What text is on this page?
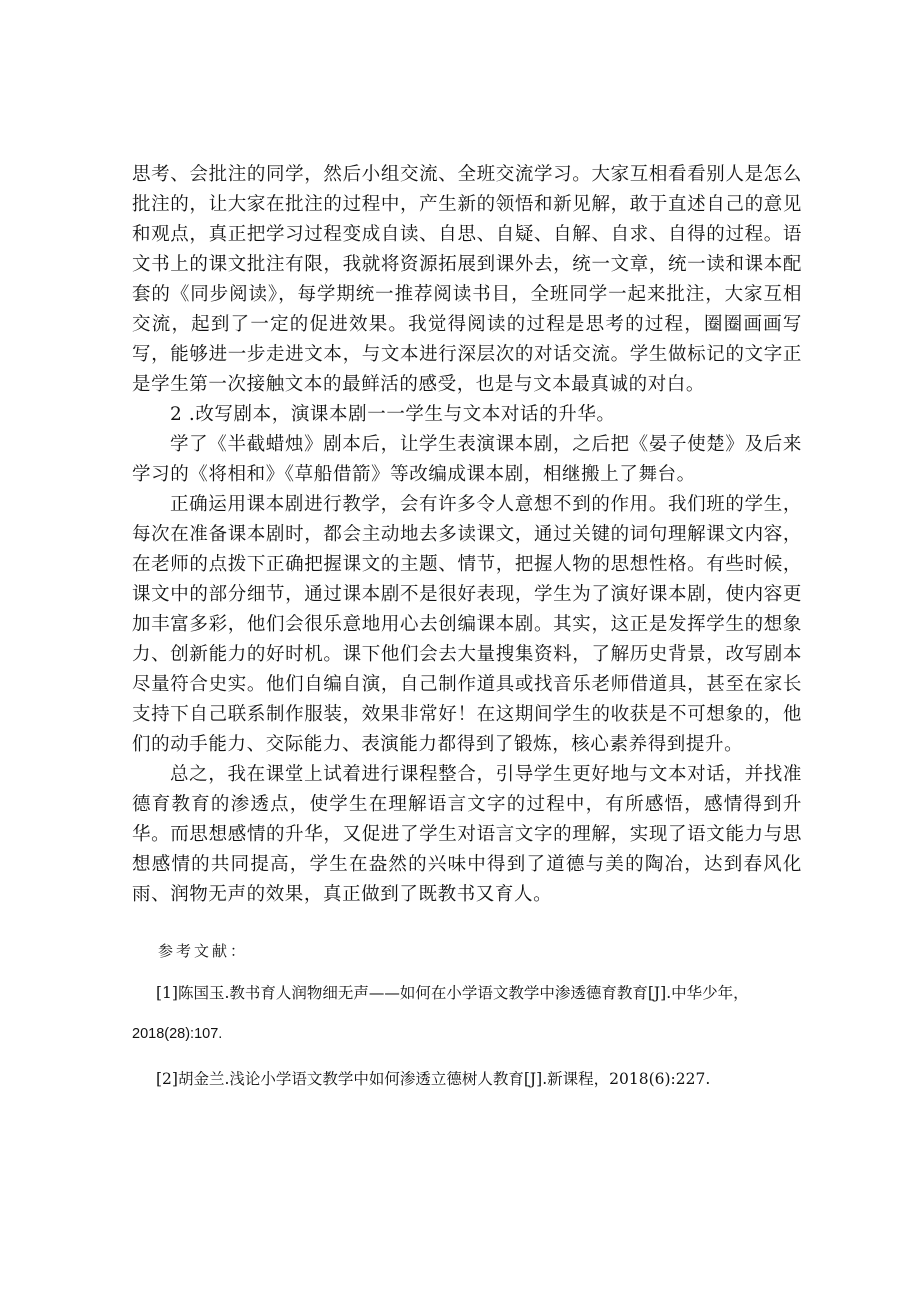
思考、会批注的同学，然后小组交流、全班交流学习。大家互相看看别人是怎么批注的，让大家在批注的过程中，产生新的领悟和新见解，敢于直述自己的意见和观点，真正把学习过程变成自读、自思、自疑、自解、自求、自得的过程。语文书上的课文批注有限，我就将资源拓展到课外去，统一文章，统一读和课本配套的《同步阅读》，每学期统一推荐阅读书目，全班同学一起来批注，大家互相交流，起到了一定的促进效果。我觉得阅读的过程是思考的过程，圈圈画画写写，能够进一步走进文本，与文本进行深层次的对话交流。学生做标记的文字正是学生第一次接触文本的最鲜活的感受，也是与文本最真诚的对白。

2 .改写剧本，演课本剧一一学生与文本对话的升华。

学了《半截蜡烛》剧本后，让学生表演课本剧，之后把《晏子使楚》及后来学习的《将相和》《草船借箭》等改编成课本剧，相继搬上了舞台。

正确运用课本剧进行教学，会有许多令人意想不到的作用。我们班的学生，每次在准备课本剧时，都会主动地去多读课文，通过关键的词句理解课文内容，在老师的点拨下正确把握课文的主题、情节，把握人物的思想性格。有些时候，课文中的部分细节，通过课本剧不是很好表现，学生为了演好课本剧，使内容更加丰富多彩，他们会很乐意地用心去创编课本剧。其实，这正是发挥学生的想象力、创新能力的好时机。课下他们会去大量搜集资料，了解历史背景，改写剧本尽量符合史实。他们自编自演，自己制作道具或找音乐老师借道具，甚至在家长支持下自己联系制作服装，效果非常好！在这期间学生的收获是不可想象的，他们的动手能力、交际能力、表演能力都得到了锻炼，核心素养得到提升。

总之，我在课堂上试着进行课程整合，引导学生更好地与文本对话，并找准德育教育的渗透点，使学生在理解语言文字的过程中，有所感悟，感情得到升华。而思想感情的升华，又促进了学生对语言文字的理解，实现了语文能力与思想感情的共同提高，学生在盎然的兴味中得到了道德与美的陶冶，达到春风化雨、润物无声的效果，真正做到了既教书又育人。

参考文献：
[1]陈国玉.教书育人润物细无声——如何在小学语文教学中渗透德育教育[J].中华少年，
2018(28):107.
[2]胡金兰.浅论小学语文教学中如何渗透立德树人教育[J].新课程，2018(6):227.
